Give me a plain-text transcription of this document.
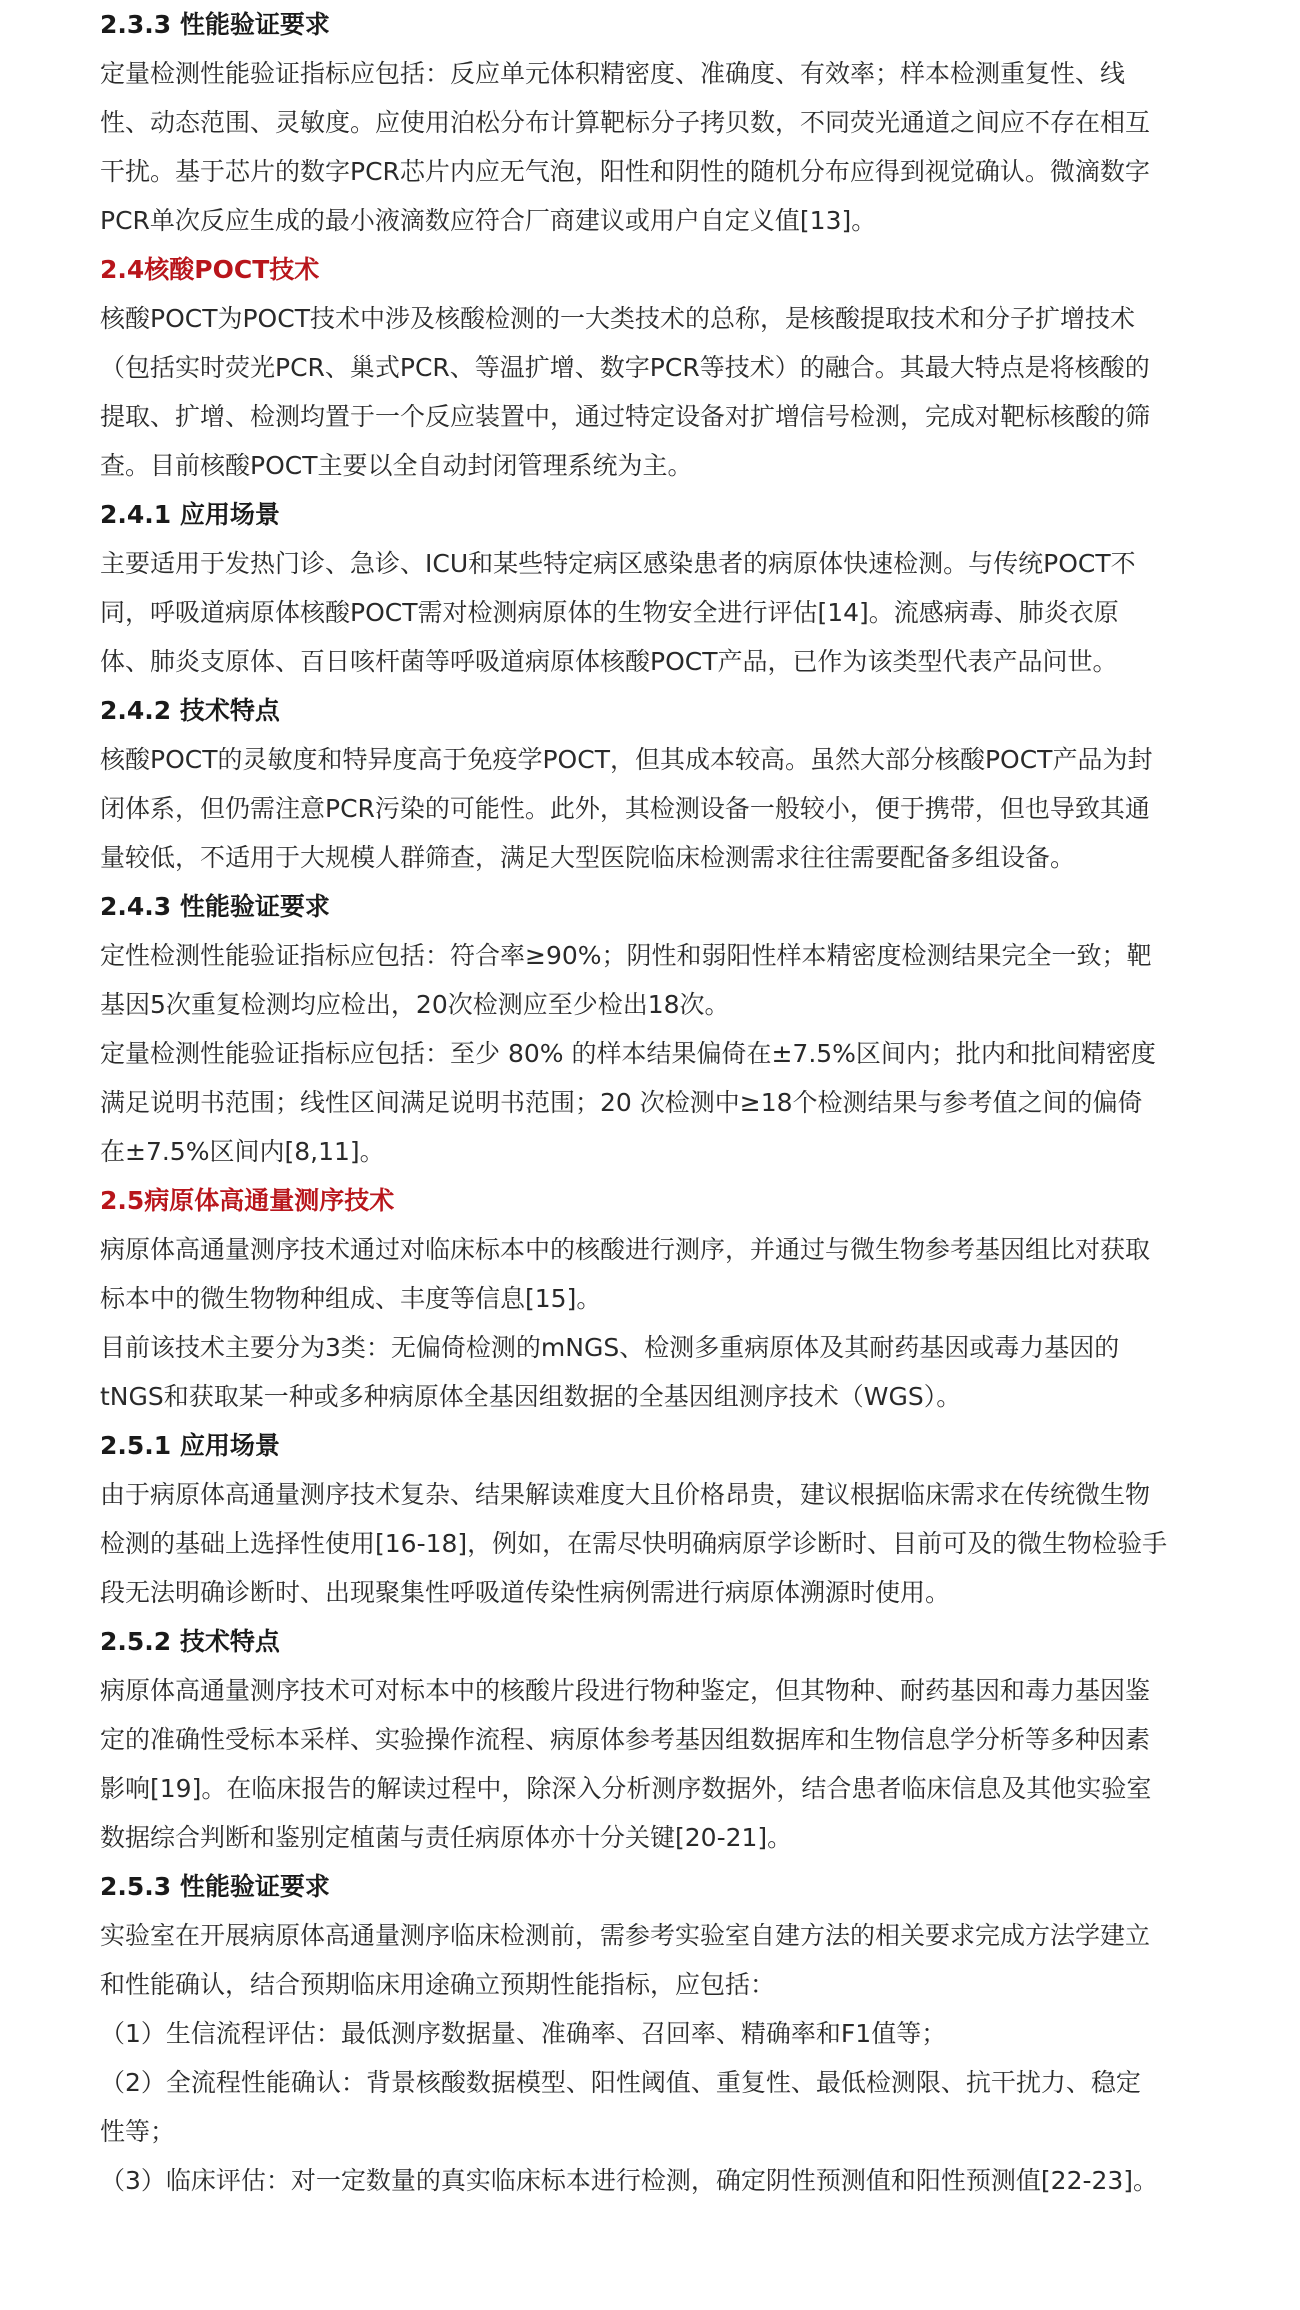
2.3.3 性能验证要求
定量检测性能验证指标应包括：反应单元体积精密度、准确度、有效率；样本检测重复性、线
性、动态范围、灵敏度。应使用泊松分布计算靶标分子拷贝数，不同荧光通道之间应不存在相互
干扰。基于芯片的数字PCR芯片内应无气泡，阳性和阴性的随机分布应得到视觉确认。微滴数字
PCR单次反应生成的最小液滴数应符合厂商建议或用户自定义值[13]。
2.4核酸POCT技术
核酸POCT为POCT技术中涉及核酸检测的一大类技术的总称，是核酸提取技术和分子扩增技术
（包括实时荧光PCR、巢式PCR、等温扩增、数字PCR等技术）的融合。其最大特点是将核酸的
提取、扩增、检测均置于一个反应装置中，通过特定设备对扩增信号检测，完成对靶标核酸的筛
查。目前核酸POCT主要以全自动封闭管理系统为主。
2.4.1 应用场景
主要适用于发热门诊、急诊、ICU和某些特定病区感染患者的病原体快速检测。与传统POCT不
同，呼吸道病原体核酸POCT需对检测病原体的生物安全进行评估[14]。流感病毒、肺炎衣原
体、肺炎支原体、百日咳杆菌等呼吸道病原体核酸POCT产品，已作为该类型代表产品问世。
2.4.2 技术特点
核酸POCT的灵敏度和特异度高于免疫学POCT，但其成本较高。虽然大部分核酸POCT产品为封
闭体系，但仍需注意PCR污染的可能性。此外，其检测设备一般较小，便于携带，但也导致其通
量较低，不适用于大规模人群筛查，满足大型医院临床检测需求往往需要配备多组设备。
2.4.3 性能验证要求
定性检测性能验证指标应包括：符合率≥90%；阴性和弱阳性样本精密度检测结果完全一致；靶
基因5次重复检测均应检出，20次检测应至少检出18次。
定量检测性能验证指标应包括：至少 80% 的样本结果偏倚在±7.5%区间内；批内和批间精密度
满足说明书范围；线性区间满足说明书范围；20 次检测中≥18个检测结果与参考值之间的偏倚
在±7.5%区间内[8,11]。
2.5病原体高通量测序技术
病原体高通量测序技术通过对临床标本中的核酸进行测序，并通过与微生物参考基因组比对获取
标本中的微生物物种组成、丰度等信息[15]。
目前该技术主要分为3类：无偏倚检测的mNGS、检测多重病原体及其耐药基因或毒力基因的
tNGS和获取某一种或多种病原体全基因组数据的全基因组测序技术（WGS）。
2.5.1 应用场景
由于病原体高通量测序技术复杂、结果解读难度大且价格昂贵，建议根据临床需求在传统微生物
检测的基础上选择性使用[16-18]，例如，在需尽快明确病原学诊断时、目前可及的微生物检验手
段无法明确诊断时、出现聚集性呼吸道传染性病例需进行病原体溯源时使用。
2.5.2 技术特点
病原体高通量测序技术可对标本中的核酸片段进行物种鉴定，但其物种、耐药基因和毒力基因鉴
定的准确性受标本采样、实验操作流程、病原体参考基因组数据库和生物信息学分析等多种因素
影响[19]。在临床报告的解读过程中，除深入分析测序数据外，结合患者临床信息及其他实验室
数据综合判断和鉴别定植菌与责任病原体亦十分关键[20-21]。
2.5.3 性能验证要求
实验室在开展病原体高通量测序临床检测前，需参考实验室自建方法的相关要求完成方法学建立
和性能确认，结合预期临床用途确立预期性能指标，应包括：
（1）生信流程评估：最低测序数据量、准确率、召回率、精确率和F1值等；
（2）全流程性能确认：背景核酸数据模型、阳性阈值、重复性、最低检测限、抗干扰力、稳定
性等；
（3）临床评估：对一定数量的真实临床标本进行检测，确定阴性预测值和阳性预测值[22-23]。
